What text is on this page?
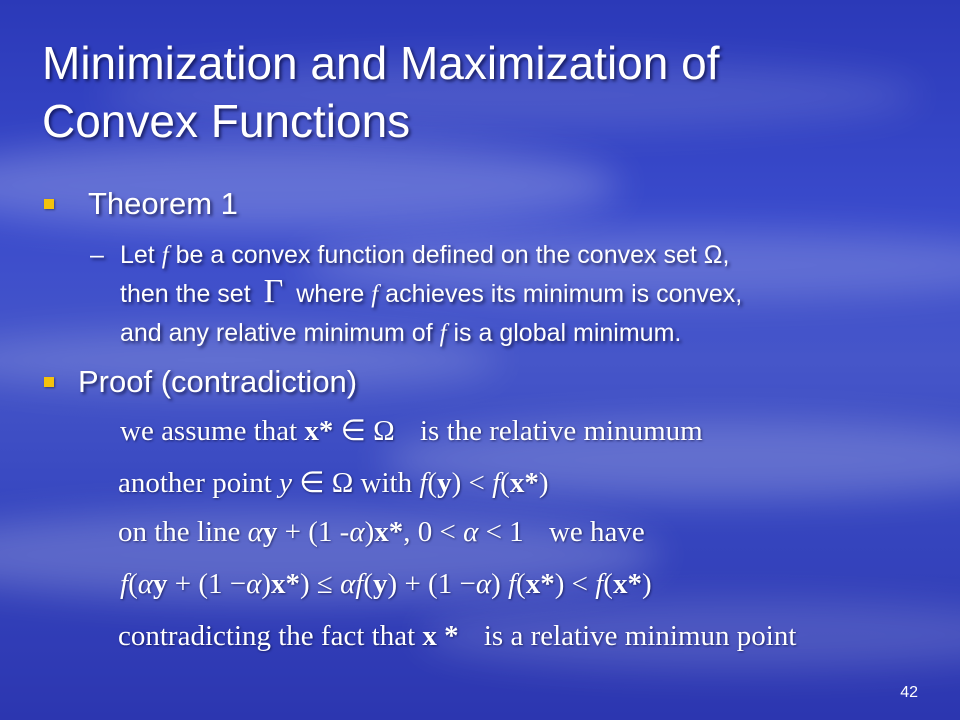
Minimization and Maximization of
Convex Functions
Theorem 1
– Let f be a convex function defined on the convex set Ω,
then the set Γ where f achieves its minimum is convex,
and any relative minimum of f is a global minimum.
Proof (contradiction)
we assume that x* ∈ Ω is the relative minumum
another point y ∈ Ω with f(y) < f(x*)
on the line αy + (1 -α)x*, 0 < α < 1 we have
f(αy + (1 −α)x*) ≤ αf(y) + (1 −α) f(x*) < f(x*)
contradicting the fact that x * is a relative minimun point
42
